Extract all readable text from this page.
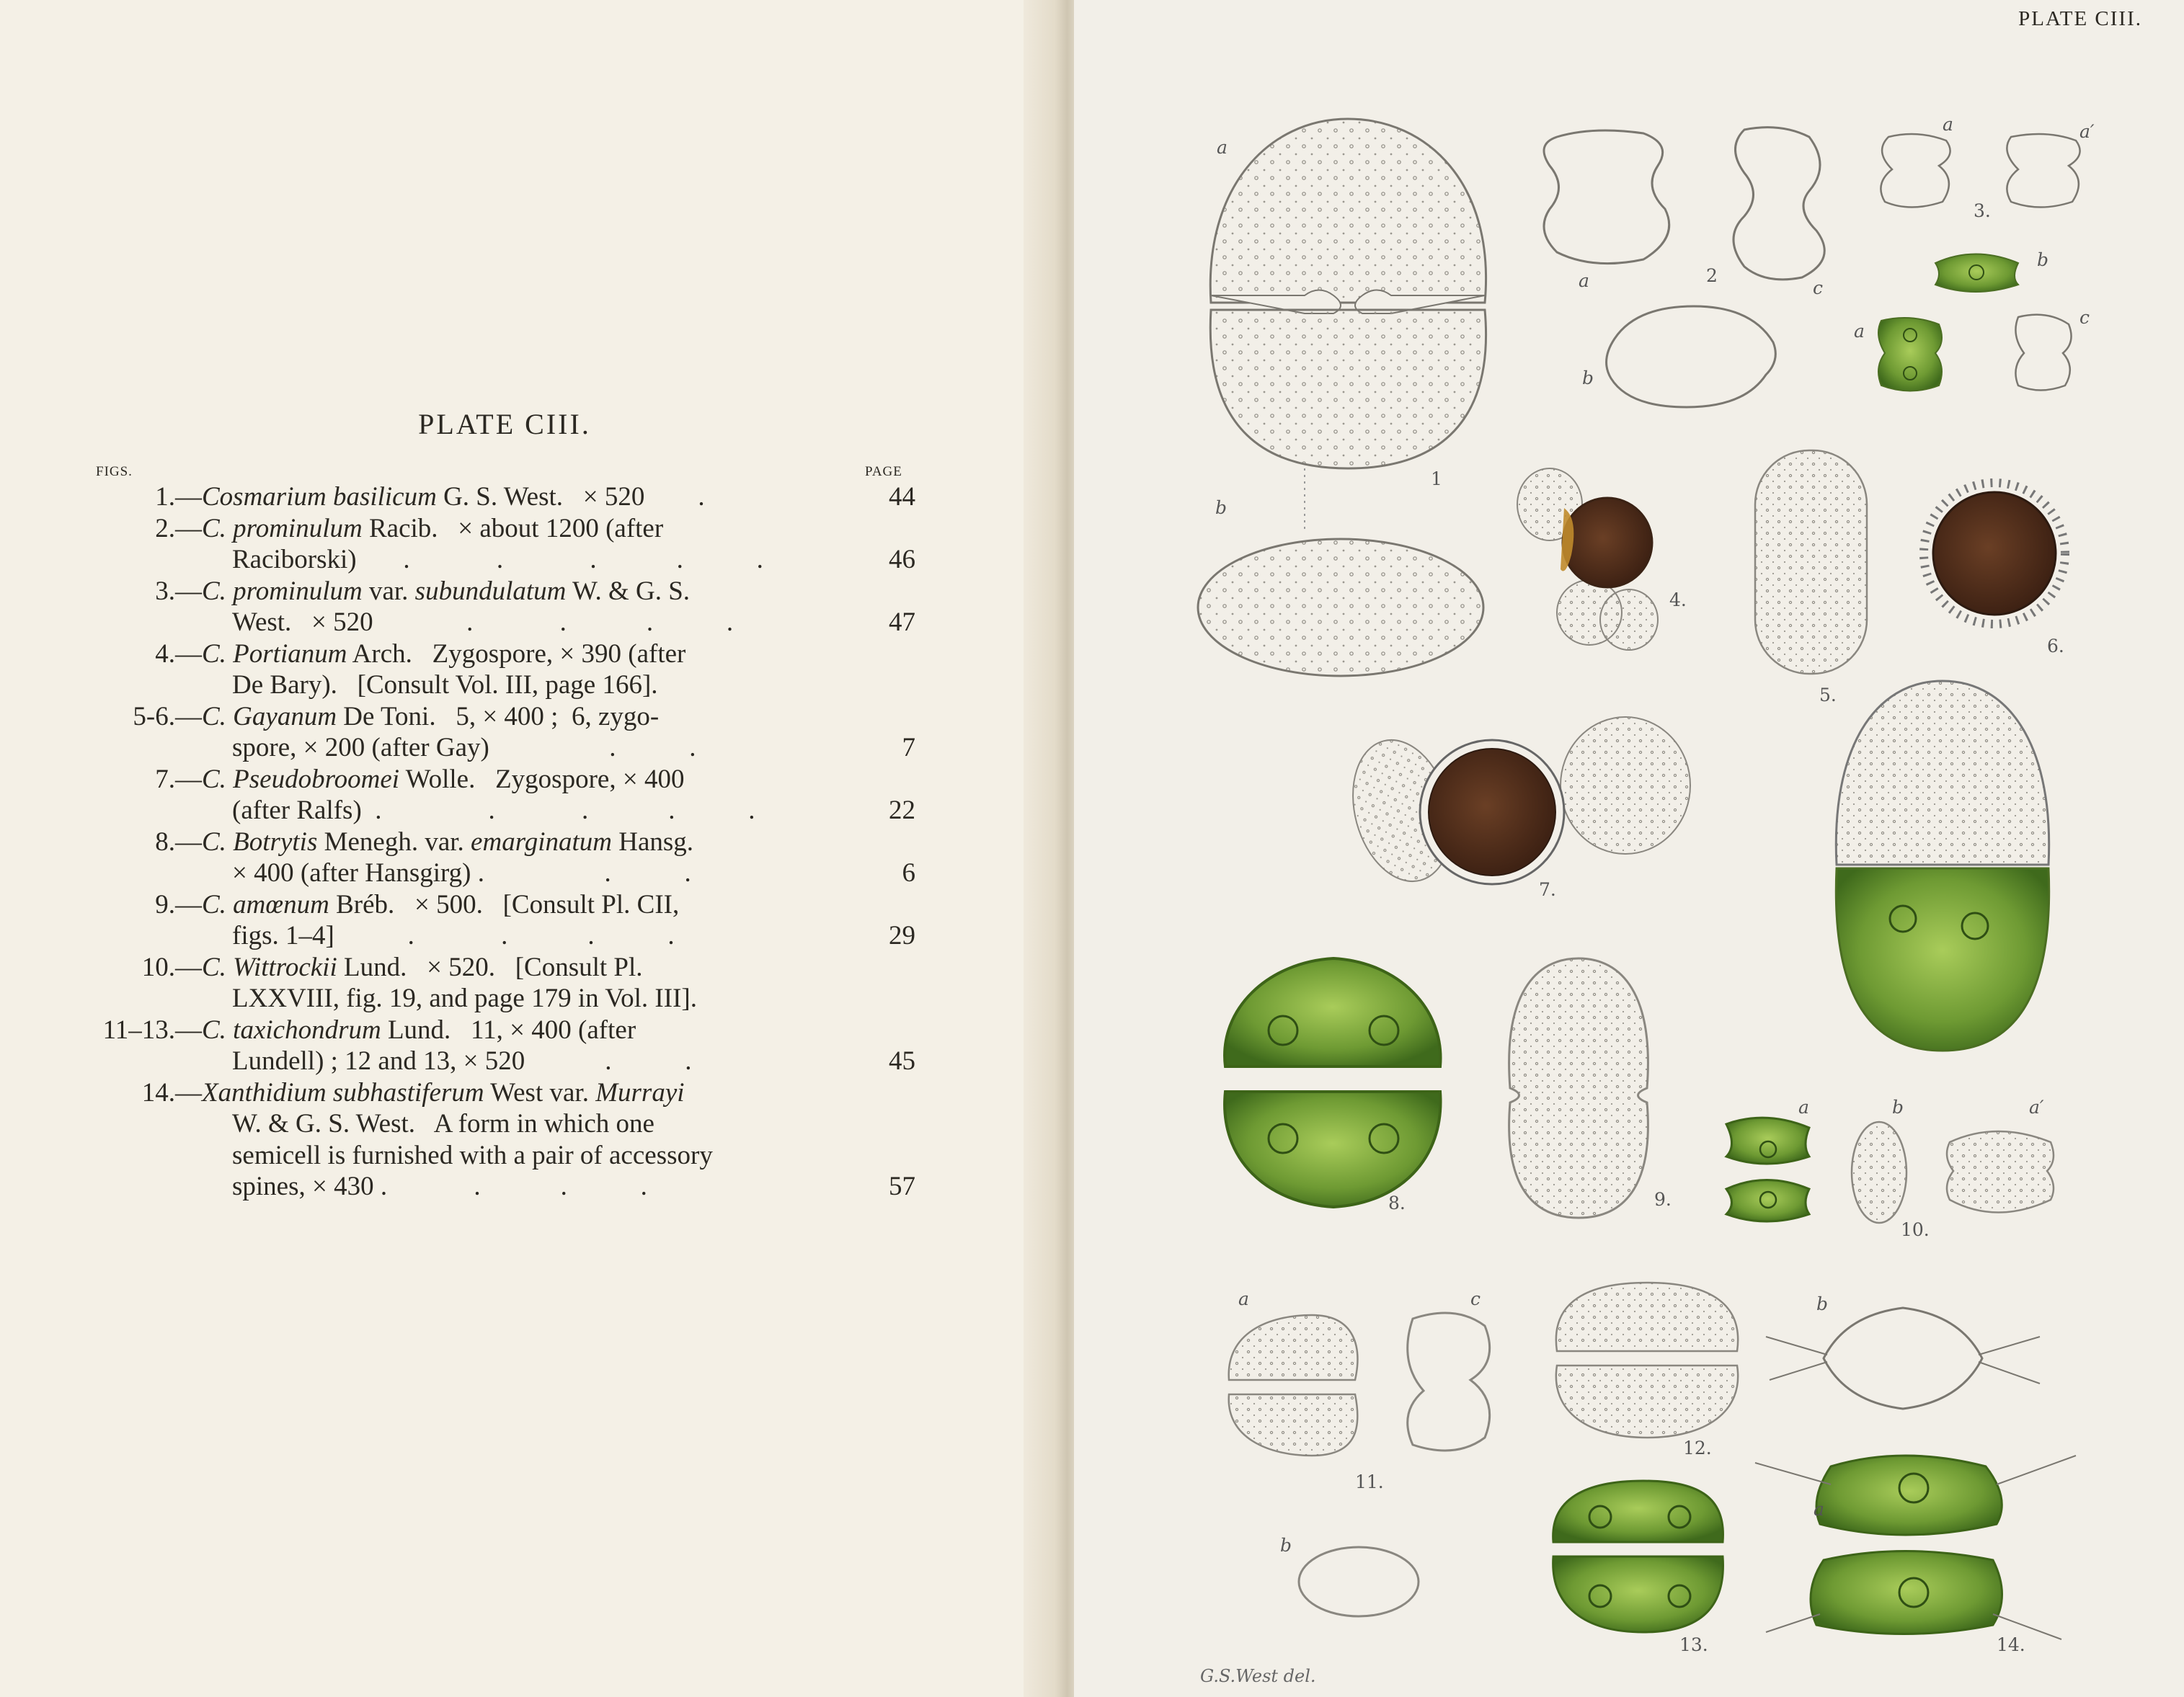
PLATE CIII.
FIGS.	PAGE
1.— Cosmarium basilicum G. S. West.   × 520        .	44
2.— C. prominulum Racib.   × about 1200 (after
Raciborski)       .             .             .            .           .	46
3.— C. prominulum var. subundulatum W. & G. S.
West.   × 520              .             .            .           .	47
4.— C. Portianum Arch.   Zygospore, × 390 (after
De Bary).   [Consult Vol. III, page 166].
5-6.— C. Gayanum De Toni.   5, × 400 ;  6, zygo-
spore, × 200 (after Gay)                  .           .	7
7.— C. Pseudobroomei Wolle.   Zygospore, × 400
(after Ralfs)  .                .             .            .           .	22
8.— C. Botrytis Menegh. var. emarginatum Hansg.
× 400 (after Hansgirg) .                  .           .	6
9.— C. amœnum Bréb.   × 500.   [Consult Pl. CII,
figs. 1–4]           .             .            .           .	29
10.— C. Wittrockii Lund.   × 520.   [Consult Pl.
LXXVIII, fig. 19, and page 179 in Vol. III].
11–13.— C. taxichondrum Lund.   11, × 400 (after
Lundell) ; 12 and 13, × 520            .           .	45
14.— Xanthidium subhastiferum West var. Murrayi
W. & G. S. West.   A form in which one
semicell is furnished with a pair of accessory
spines, × 430 .             .            .           .	57
PLATE CIII.
a
b
a	c
b
a	a′
b
a
c
a	b	a′
a	c
b
b
a
1
2
3.
4.
5.
6.
7.
8.	9.
10.
11.
12.
13.	14.
G.S.West del.
